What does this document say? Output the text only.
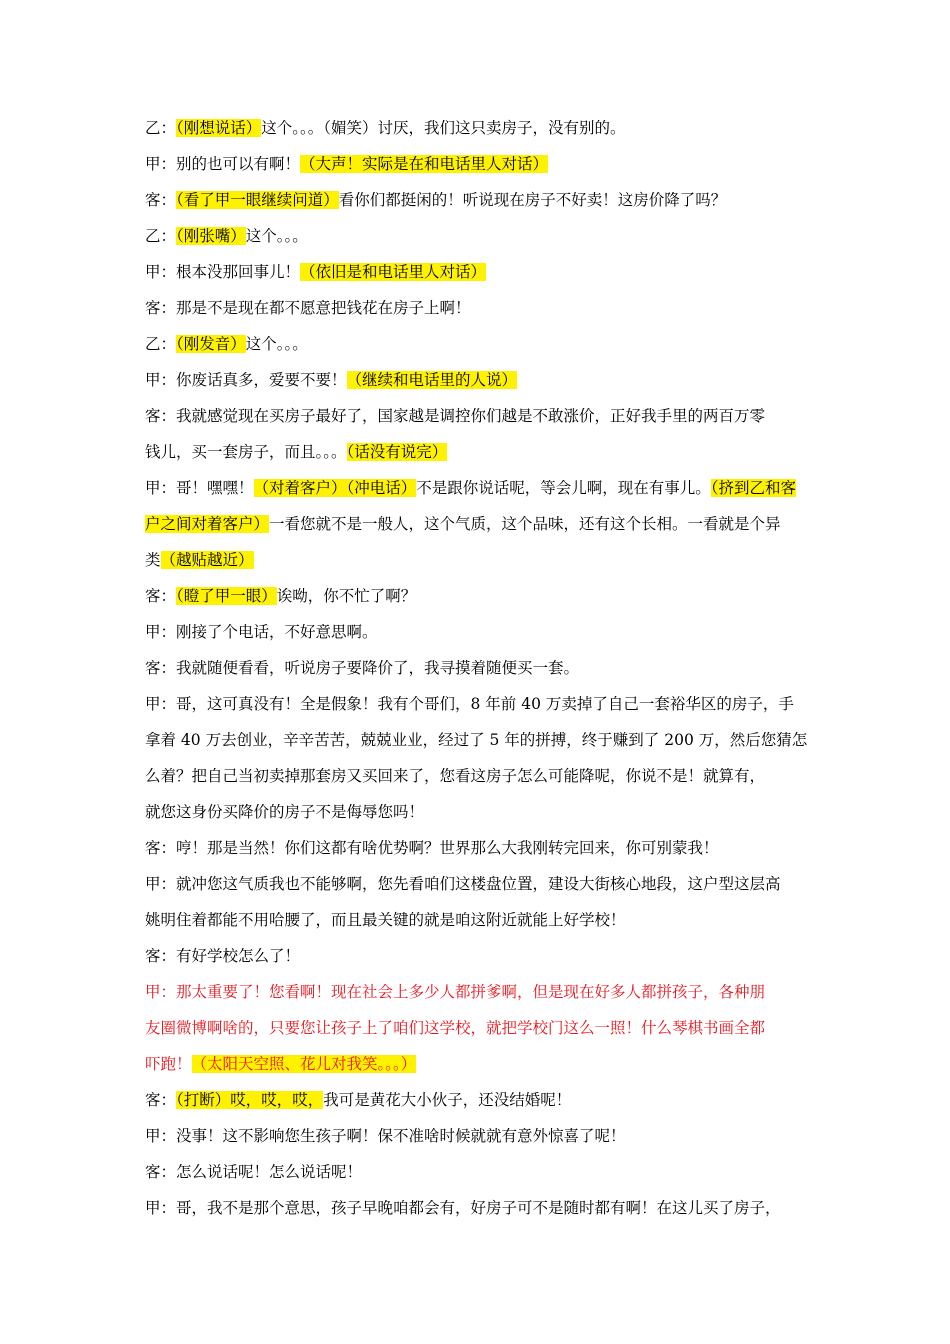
乙：（刚想说话）这个。。。（媚笑）讨厌，我们这只卖房子，没有别的。
甲：别的也可以有啊！（大声！实际是在和电话里人对话）
客：（看了甲一眼继续问道）看你们都挺闲的！听说现在房子不好卖！这房价降了吗？
乙：（刚张嘴）这个。。。
甲：根本没那回事儿！（依旧是和电话里人对话）
客：那是不是现在都不愿意把钱花在房子上啊！
乙：（刚发音）这个。。。
甲：你废话真多，爱要不要！（继续和电话里的人说）
客：我就感觉现在买房子最好了，国家越是调控你们越是不敢涨价，正好我手里的两百万零
钱儿，买一套房子，而且。。。（话没有说完）
甲：哥！嘿嘿！（对着客户）（冲电话）不是跟你说话呢，等会儿啊，现在有事儿。（挤到乙和客
户之间对着客户）一看您就不是一般人，这个气质，这个品味，还有这个长相。一看就是个异
类（越贴越近）
客：（瞪了甲一眼）诶呦，你不忙了啊？
甲：刚接了个电话，不好意思啊。
客：我就随便看看，听说房子要降价了，我寻摸着随便买一套。
甲：哥，这可真没有！全是假象！我有个哥们，8 年前 40 万卖掉了自己一套裕华区的房子，手
拿着 40 万去创业，辛辛苦苦，兢兢业业，经过了 5 年的拼搏，终于赚到了 200 万，然后您猜怎
么着？把自己当初卖掉那套房又买回来了，您看这房子怎么可能降呢，你说不是！就算有，
就您这身份买降价的房子不是侮辱您吗！
客：哼！那是当然！你们这都有啥优势啊？世界那么大我刚转完回来，你可别蒙我！
甲：就冲您这气质我也不能够啊，您先看咱们这楼盘位置，建设大街核心地段，这户型这层高
姚明住着都能不用哈腰了，而且最关键的就是咱这附近就能上好学校！
客：有好学校怎么了！
甲：那太重要了！您看啊！现在社会上多少人都拼爹啊，但是现在好多人都拼孩子，各种朋
友圈微博啊啥的，只要您让孩子上了咱们这学校，就把学校门这么一照！什么琴棋书画全都
吓跑！（太阳天空照、花儿对我笑。。。）
客：（打断）哎，哎，哎，我可是黄花大小伙子，还没结婚呢！
甲：没事！这不影响您生孩子啊！保不准啥时候就就有意外惊喜了呢！
客：怎么说话呢！怎么说话呢！
甲：哥，我不是那个意思，孩子早晚咱都会有，好房子可不是随时都有啊！在这儿买了房子，
